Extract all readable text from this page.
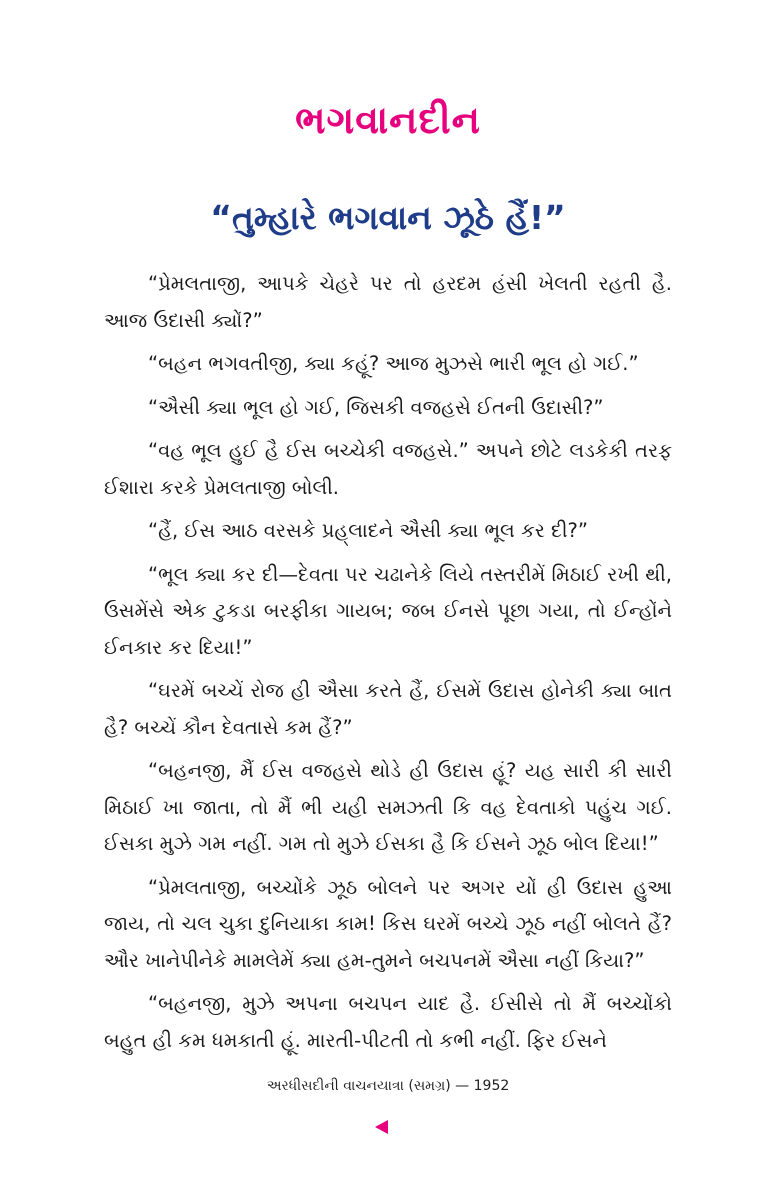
ભગવાનદીન
“તુમ્હારે ભગવાન ઝૂઠે હૈં!”

“પ્રેમલતાજી, આપકે ચેહરે પર તો હરદમ હંસી ખેલતી રહતી હૈ. આજ ઉદાસી ક્યોં?”

“બહન ભગવતીજી, ક્યા કહૂં? આજ મુઝસે ભારી ભૂલ હો ગઈ.”

“ઐસી ક્યા ભૂલ હો ગઈ, જિસકી વજહસે ઈતની ઉદાસી?”

“વહ ભૂલ હુઈ હૈ ઈસ બચ્ચેકી વજહસે.” અપને છોટે લડકેકી તરફ ઈશારા કરકે પ્રેમલતાજી બોલી.

“હૈં, ઈસ આઠ વરસકે પ્રહ્‌લાદને ઐસી ક્યા ભૂલ કર દી?”

“ભૂલ ક્યા કર દી—દેવતા પર ચઢાનેકે લિયે તસ્તરીમેં મિઠાઈ રખી થી, ઉસમેંસે એક ટુકડા બરફીકા ગાયબ; જબ ઈનસે પૂછા ગયા, તો ઈન્હોંને ઈનકાર કર દિયા!”

“ઘરમેં બચ્ચેં રોજ હી ઐસા કરતે હૈં, ઈસમેં ઉદાસ હોનેકી ક્યા બાત હૈ? બચ્ચેં કૌન દેવતાસે કમ હૈં?”

“બહનજી, મૈં ઈસ વજહસે થોડે હી ઉદાસ હૂં? યહ સારી કી સારી મિઠાઈ ખા જાતા, તો મૈં ભી યહી સમઝતી કિ વહ દેવતાકો પહુંચ ગઈ. ઈસકા મુઝે ગમ નહીં. ગમ તો મુઝે ઈસકા હૈ કિ ઈસને ઝૂઠ બોલ દિયા!”

“પ્રેમલતાજી, બચ્ચોંકે ઝૂઠ બોલને પર અગર યોં હી ઉદાસ હુઆ જાય, તો ચલ ચુકા દુનિયાકા કામ! કિસ ઘરમેં બચ્ચે ઝૂઠ નહીં બોલતે હૈં? ઔર ખાનેપીનેકે મામલેમેં ક્યા હમ-તુમને બચપનમેં ઐસા નહીં કિયા?”

“બહનજી, મુઝે અપના બચપન યાદ હૈ. ઈસીસે તો મૈં બચ્ચોંકો બહુત હી કમ ધમકાતી હૂં. મારતી-પીટતી તો કભી નહીં. ફિર ઈસને

અરધીસદીની વાચનયાત્રા (સમગ્ર) — 1952
